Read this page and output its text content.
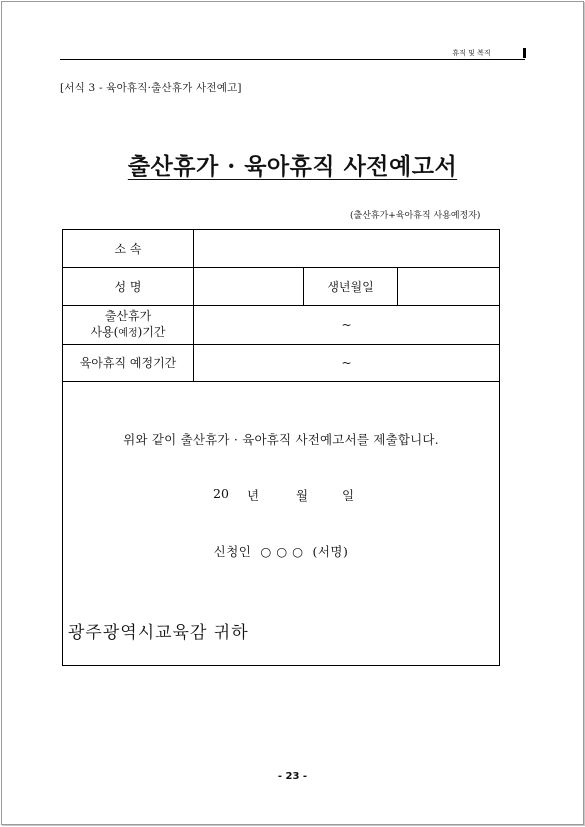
휴직 및 복직
[서식 3 - 육아휴직·출산휴가 사전예고]
출산휴가 · 육아휴직 사전예고서
(출산휴가+육아휴직 사용예정자)
소 속
성 명	생년월일
출산휴가
사용(예정)기간	~
육아휴직 예정기간	~
위와 같이 출산휴가 · 육아휴직 사전예고서를 제출합니다.
20 년	월	일
신청인 ○ ○ ○ (서명)
광주광역시교육감 귀하
- 23 -
